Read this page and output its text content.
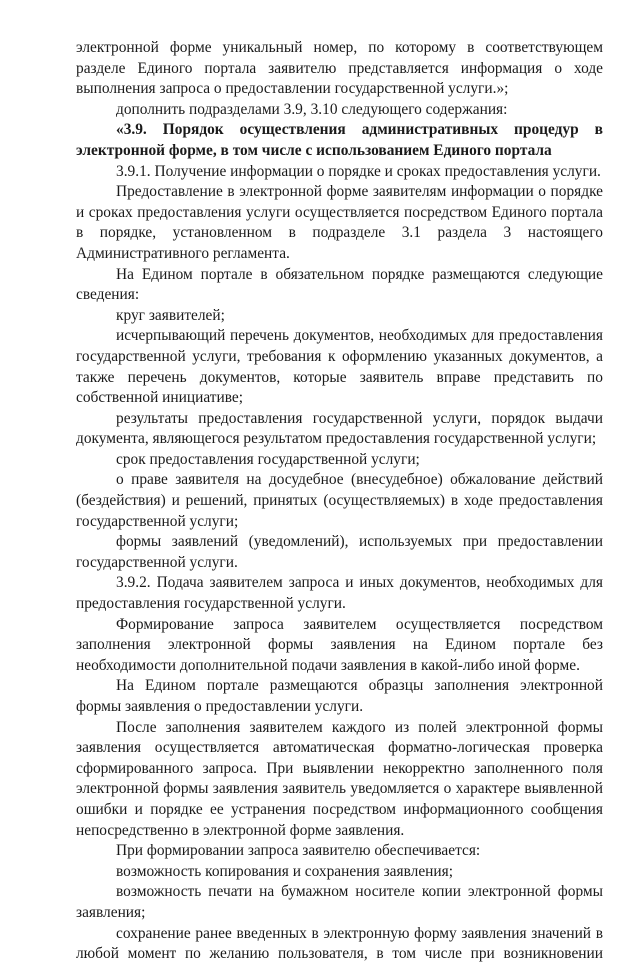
электронной форме уникальный номер, по которому в соответствующем разделе Единого портала заявителю представляется информация о ходе выполнения запроса о предоставлении государственной услуги.»;

дополнить подразделами 3.9, 3.10 следующего содержания:

«3.9. Порядок осуществления административных процедур в электронной форме, в том числе с использованием Единого портала

3.9.1. Получение информации о порядке и сроках предоставления услуги.

Предоставление в электронной форме заявителям информации о порядке и сроках предоставления услуги осуществляется посредством Единого портала в порядке, установленном в подразделе 3.1 раздела 3 настоящего Административного регламента.

На Едином портале в обязательном порядке размещаются следующие сведения:

круг заявителей;

исчерпывающий перечень документов, необходимых для предоставления государственной услуги, требования к оформлению указанных документов, а также перечень документов, которые заявитель вправе представить по собственной инициативе;

результаты предоставления государственной услуги, порядок выдачи документа, являющегося результатом предоставления государственной услуги;

срок предоставления государственной услуги;

о праве заявителя на досудебное (внесудебное) обжалование действий (бездействия) и решений, принятых (осуществляемых) в ходе предоставления государственной услуги;

формы заявлений (уведомлений), используемых при предоставлении государственной услуги.

3.9.2. Подача заявителем запроса и иных документов, необходимых для предоставления государственной услуги.

Формирование запроса заявителем осуществляется посредством заполнения электронной формы заявления на Едином портале без необходимости дополнительной подачи заявления в какой-либо иной форме.

На Едином портале размещаются образцы заполнения электронной формы заявления о предоставлении услуги.

После заполнения заявителем каждого из полей электронной формы заявления осуществляется автоматическая форматно-логическая проверка сформированного запроса. При выявлении некорректно заполненного поля электронной формы заявления заявитель уведомляется о характере выявленной ошибки и порядке ее устранения посредством информационного сообщения непосредственно в электронной форме заявления.

При формировании запроса заявителю обеспечивается:

возможность копирования и сохранения заявления;

возможность печати на бумажном носителе копии электронной формы заявления;

сохранение ранее введенных в электронную форму заявления значений в любой момент по желанию пользователя, в том числе при возникновении
